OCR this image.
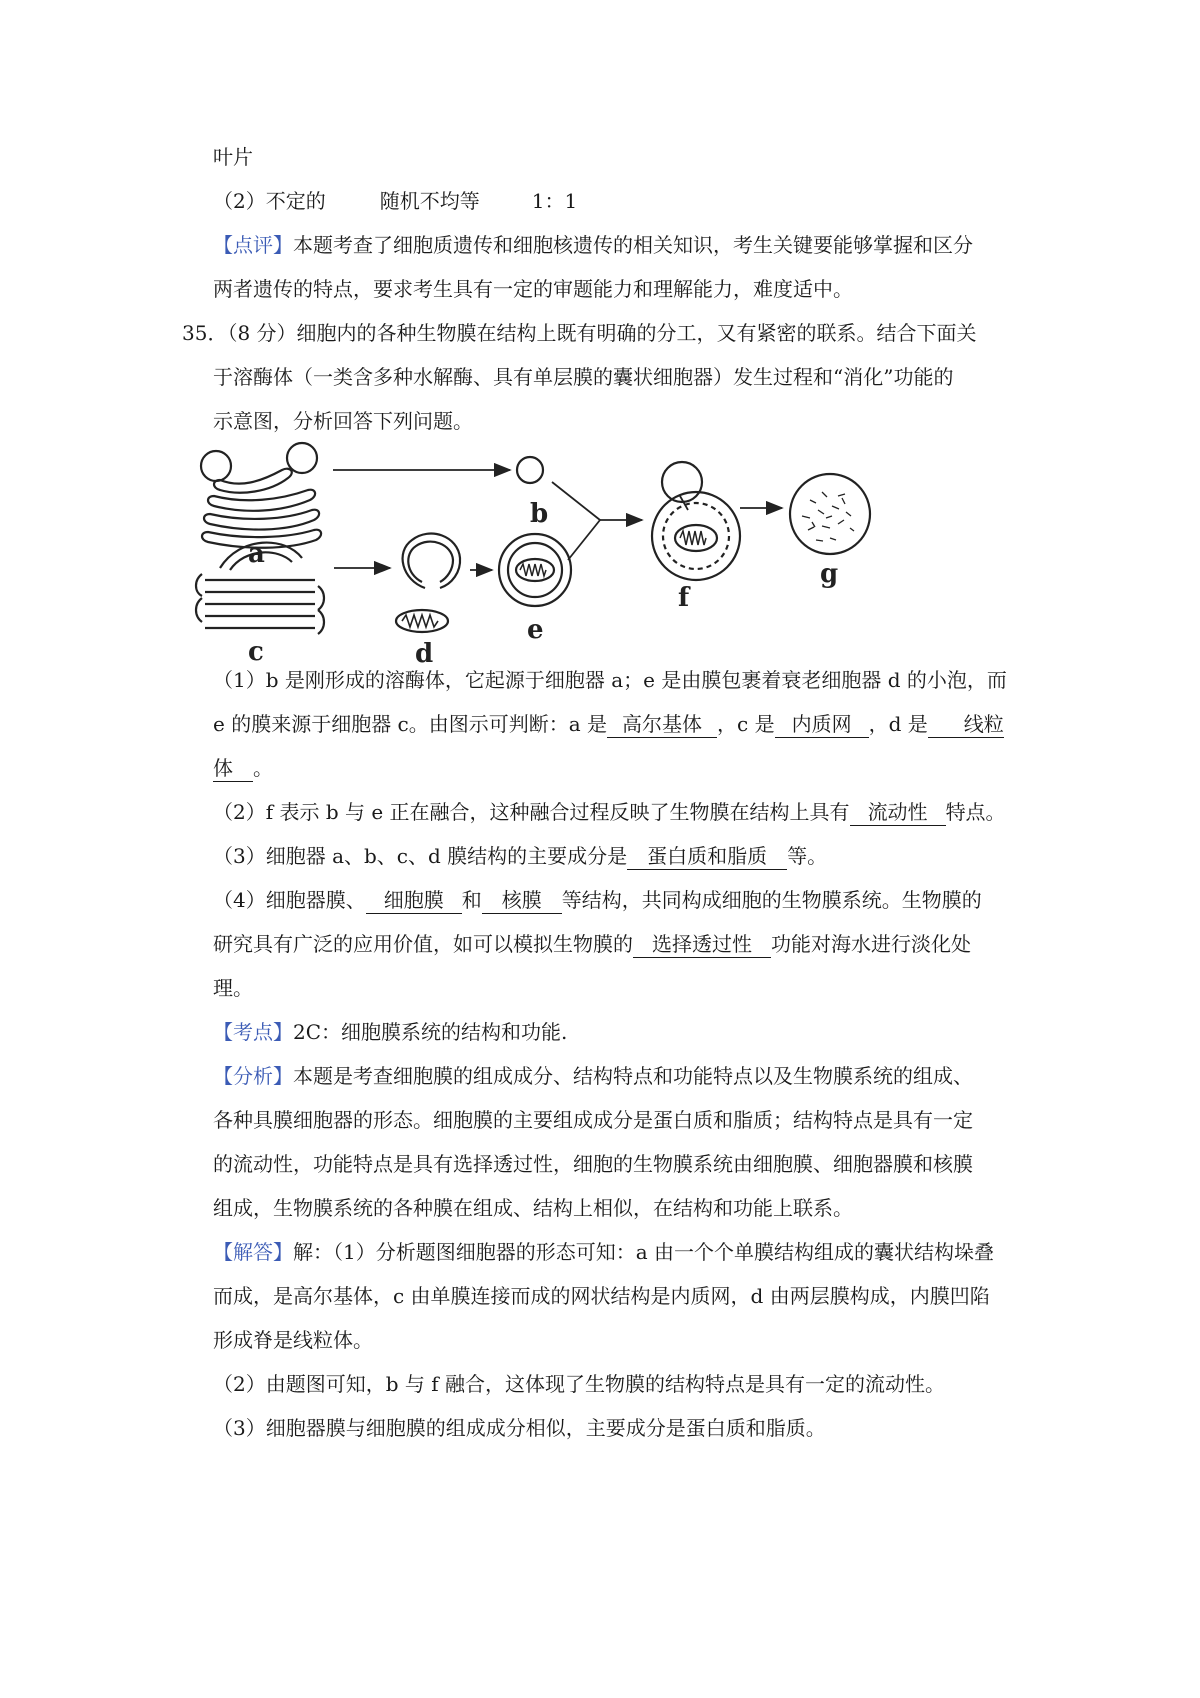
叶片
（2）不定的	随机不均等	1：1
【点评】本题考查了细胞质遗传和细胞核遗传的相关知识，考生关键要能够掌握和区分
两者遗传的特点，要求考生具有一定的审题能力和理解能力，难度适中。
35．（8 分）细胞内的各种生物膜在结构上既有明确的分工，又有紧密的联系。结合下面关
于溶酶体（一类含多种水解酶、具有单层膜的囊状细胞器）发生过程和“消化”功能的
示意图，分析回答下列问题。
a
b
c	d
e
f
g
（1）b 是刚形成的溶酶体，它起源于细胞器 a；e 是由膜包裹着衰老细胞器 d 的小泡，而
e 的膜来源于细胞器 c。由图示可判断：a 是 高尔基体 ，c 是 内质网 ，d 是 线粒
体 。
（2）f 表示 b 与 e 正在融合，这种融合过程反映了生物膜在结构上具有 流动性 特点。
（3）细胞器 a、b、c、d 膜结构的主要成分是 蛋白质和脂质 等。
（4）细胞器膜、 细胞膜 和 核膜 等结构，共同构成细胞的生物膜系统。生物膜的
研究具有广泛的应用价值，如可以模拟生物膜的 选择透过性 功能对海水进行淡化处
理。
【考点】2C：细胞膜系统的结构和功能.
【分析】本题是考查细胞膜的组成成分、结构特点和功能特点以及生物膜系统的组成、
各种具膜细胞器的形态。细胞膜的主要组成成分是蛋白质和脂质；结构特点是具有一定
的流动性，功能特点是具有选择透过性，细胞的生物膜系统由细胞膜、细胞器膜和核膜
组成，生物膜系统的各种膜在组成、结构上相似，在结构和功能上联系。
【解答】解：（1）分析题图细胞器的形态可知：a 由一个个单膜结构组成的囊状结构垛叠
而成，是高尔基体，c 由单膜连接而成的网状结构是内质网，d 由两层膜构成，内膜凹陷
形成脊是线粒体。
（2）由题图可知，b 与 f 融合，这体现了生物膜的结构特点是具有一定的流动性。
（3）细胞器膜与细胞膜的组成成分相似，主要成分是蛋白质和脂质。
